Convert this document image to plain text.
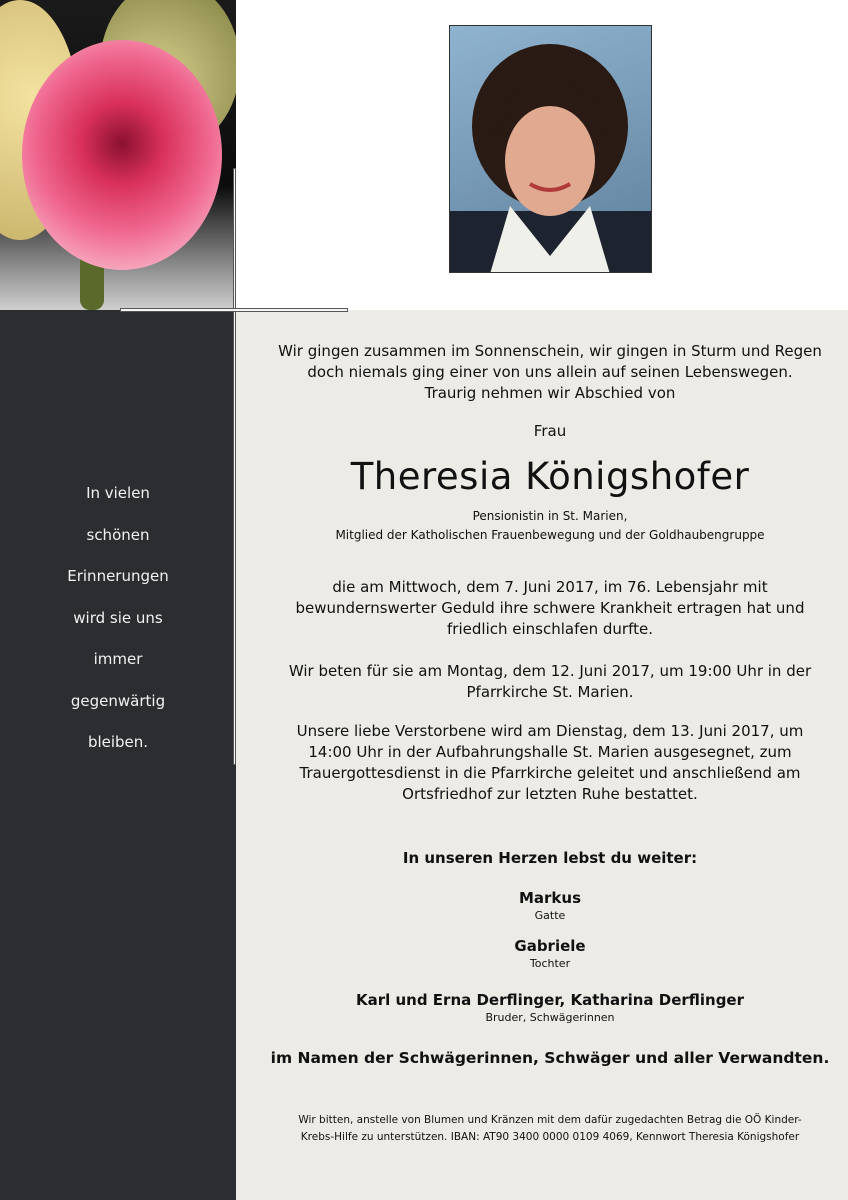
In vielen
schönen
Erinnerungen
wird sie uns
immer
gegenwärtig
bleiben.
Wir gingen zusammen im Sonnenschein, wir gingen in Sturm und Regen
doch niemals ging einer von uns allein auf seinen Lebenswegen.
Traurig nehmen wir Abschied von
Frau
Theresia Königshofer
Pensionistin in St. Marien,
Mitglied der Katholischen Frauenbewegung und der Goldhaubengruppe
die am Mittwoch, dem 7. Juni 2017, im 76. Lebensjahr mit
bewundernswerter Geduld ihre schwere Krankheit ertragen hat und
friedlich einschlafen durfte.
Wir beten für sie am Montag, dem 12. Juni 2017, um 19:00 Uhr in der
Pfarrkirche St. Marien.
Unsere liebe Verstorbene wird am Dienstag, dem 13. Juni 2017, um
14:00 Uhr in der Aufbahrungshalle St. Marien ausgesegnet, zum
Trauergottesdienst in die Pfarrkirche geleitet und anschließend am
Ortsfriedhof zur letzten Ruhe bestattet.
In unseren Herzen lebst du weiter:
Markus
Gatte
Gabriele
Tochter
Karl und Erna Derflinger, Katharina Derflinger
Bruder, Schwägerinnen
im Namen der Schwägerinnen, Schwäger und aller Verwandten.
Wir bitten, anstelle von Blumen und Kränzen mit dem dafür zugedachten Betrag die OÖ Kinder-
Krebs-Hilfe zu unterstützen. IBAN: AT90 3400 0000 0109 4069, Kennwort Theresia Königshofer
